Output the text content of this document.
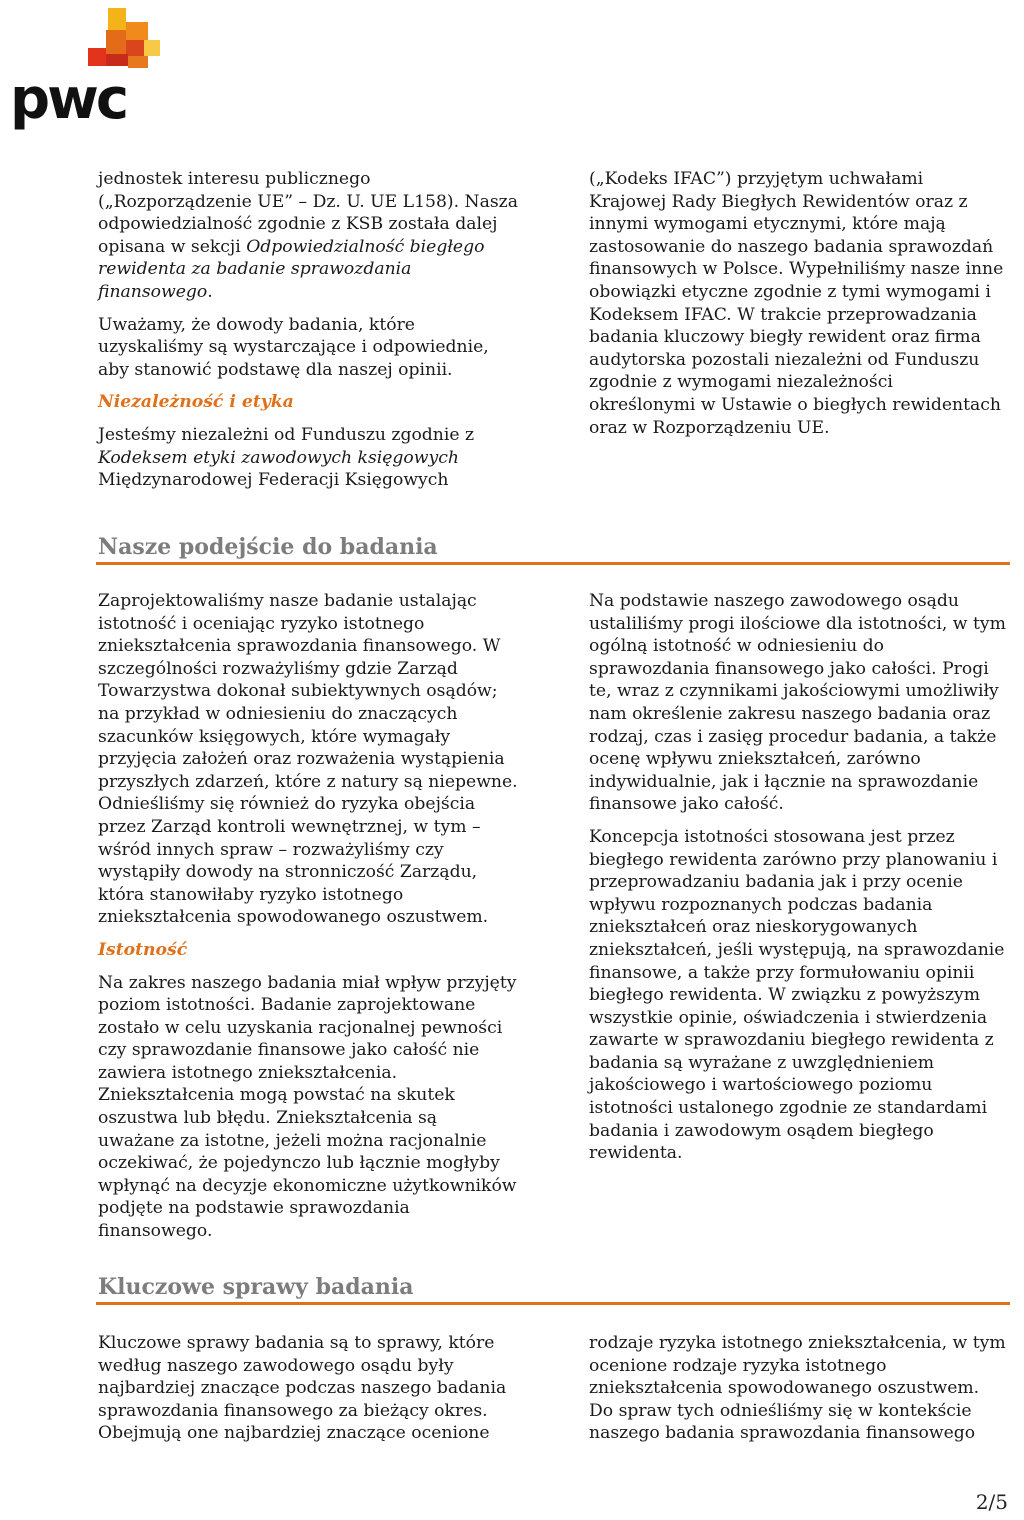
pwc

jednostek interesu publicznego („Rozporządzenie UE” – Dz. U. UE L158). Nasza odpowiedzialność zgodnie z KSB została dalej opisana w sekcji Odpowiedzialność biegłego rewidenta za badanie sprawozdania finansowego.

Uważamy, że dowody badania, które uzyskaliśmy są wystarczające i odpowiednie, aby stanowić podstawę dla naszej opinii.

Niezależność i etyka

Jesteśmy niezależni od Funduszu zgodnie z Kodeksem etyki zawodowych księgowych Międzynarodowej Federacji Księgowych

(„Kodeks IFAC”) przyjętym uchwałami Krajowej Rady Biegłych Rewidentów oraz z innymi wymogami etycznymi, które mają zastosowanie do naszego badania sprawozdań finansowych w Polsce. Wypełniliśmy nasze inne obowiązki etyczne zgodnie z tymi wymogami i Kodeksem IFAC. W trakcie przeprowadzania badania kluczowy biegły rewident oraz firma audytorska pozostali niezależni od Funduszu zgodnie z wymogami niezależności określonymi w Ustawie o biegłych rewidentach oraz w Rozporządzeniu UE.

Nasze podejście do badania

Zaprojektowaliśmy nasze badanie ustalając istotność i oceniając ryzyko istotnego zniekształcenia sprawozdania finansowego. W szczególności rozważyliśmy gdzie Zarząd Towarzystwa dokonał subiektywnych osądów; na przykład w odniesieniu do znaczących szacunków księgowych, które wymagały przyjęcia założeń oraz rozważenia wystąpienia przyszłych zdarzeń, które z natury są niepewne. Odnieśliśmy się również do ryzyka obejścia przez Zarząd kontroli wewnętrznej, w tym – wśród innych spraw – rozważyliśmy czy wystąpiły dowody na stronniczość Zarządu, która stanowiłaby ryzyko istotnego zniekształcenia spowodowanego oszustwem.

Istotność

Na zakres naszego badania miał wpływ przyjęty poziom istotności. Badanie zaprojektowane zostało w celu uzyskania racjonalnej pewności czy sprawozdanie finansowe jako całość nie zawiera istotnego zniekształcenia. Zniekształcenia mogą powstać na skutek oszustwa lub błędu. Zniekształcenia są uważane za istotne, jeżeli można racjonalnie oczekiwać, że pojedynczo lub łącznie mogłyby wpłynąć na decyzje ekonomiczne użytkowników podjęte na podstawie sprawozdania finansowego.

Na podstawie naszego zawodowego osądu ustaliliśmy progi ilościowe dla istotności, w tym ogólną istotność w odniesieniu do sprawozdania finansowego jako całości. Progi te, wraz z czynnikami jakościowymi umożliwiły nam określenie zakresu naszego badania oraz rodzaj, czas i zasięg procedur badania, a także ocenę wpływu zniekształceń, zarówno indywidualnie, jak i łącznie na sprawozdanie finansowe jako całość.

Koncepcja istotności stosowana jest przez biegłego rewidenta zarówno przy planowaniu i przeprowadzaniu badania jak i przy ocenie wpływu rozpoznanych podczas badania zniekształceń oraz nieskorygowanych zniekształceń, jeśli występują, na sprawozdanie finansowe, a także przy formułowaniu opinii biegłego rewidenta. W związku z powyższym wszystkie opinie, oświadczenia i stwierdzenia zawarte w sprawozdaniu biegłego rewidenta z badania są wyrażane z uwzględnieniem jakościowego i wartościowego poziomu istotności ustalonego zgodnie ze standardami badania i zawodowym osądem biegłego rewidenta.

Kluczowe sprawy badania

Kluczowe sprawy badania są to sprawy, które według naszego zawodowego osądu były najbardziej znaczące podczas naszego badania sprawozdania finansowego za bieżący okres. Obejmują one najbardziej znaczące ocenione

rodzaje ryzyka istotnego zniekształcenia, w tym ocenione rodzaje ryzyka istotnego zniekształcenia spowodowanego oszustwem. Do spraw tych odnieśliśmy się w kontekście naszego badania sprawozdania finansowego

2/5
